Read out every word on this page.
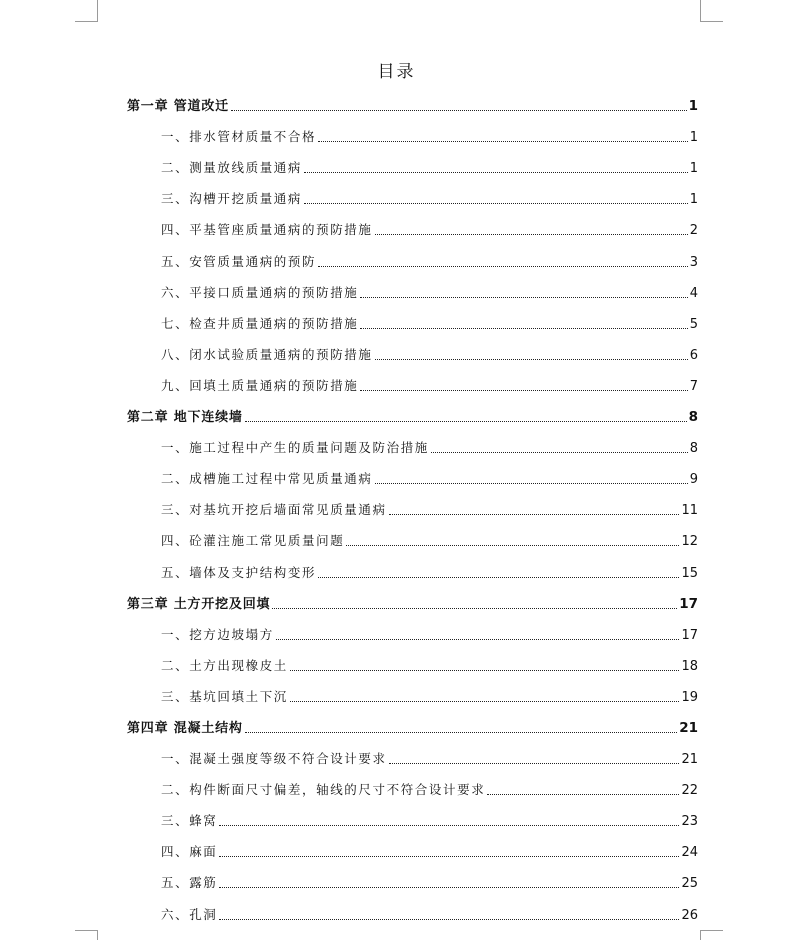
目录
第一章 管道改迁	1
一、排水管材质量不合格	1
二、测量放线质量通病	1
三、沟槽开挖质量通病	1
四、平基管座质量通病的预防措施	2
五、安管质量通病的预防	3
六、平接口质量通病的预防措施	4
七、检查井质量通病的预防措施	5
八、闭水试验质量通病的预防措施	6
九、回填土质量通病的预防措施	7
第二章 地下连续墙	8
一、施工过程中产生的质量问题及防治措施	8
二、成槽施工过程中常见质量通病	9
三、对基坑开挖后墙面常见质量通病	11
四、砼灌注施工常见质量问题	12
五、墙体及支护结构变形	15
第三章 土方开挖及回填	17
一、挖方边坡塌方	17
二、土方出现橡皮土	18
三、基坑回填土下沉	19
第四章 混凝土结构	21
一、混凝土强度等级不符合设计要求	21
二、构件断面尺寸偏差，轴线的尺寸不符合设计要求	22
三、蜂窝	23
四、麻面	24
五、露筋	25
六、孔洞	26
